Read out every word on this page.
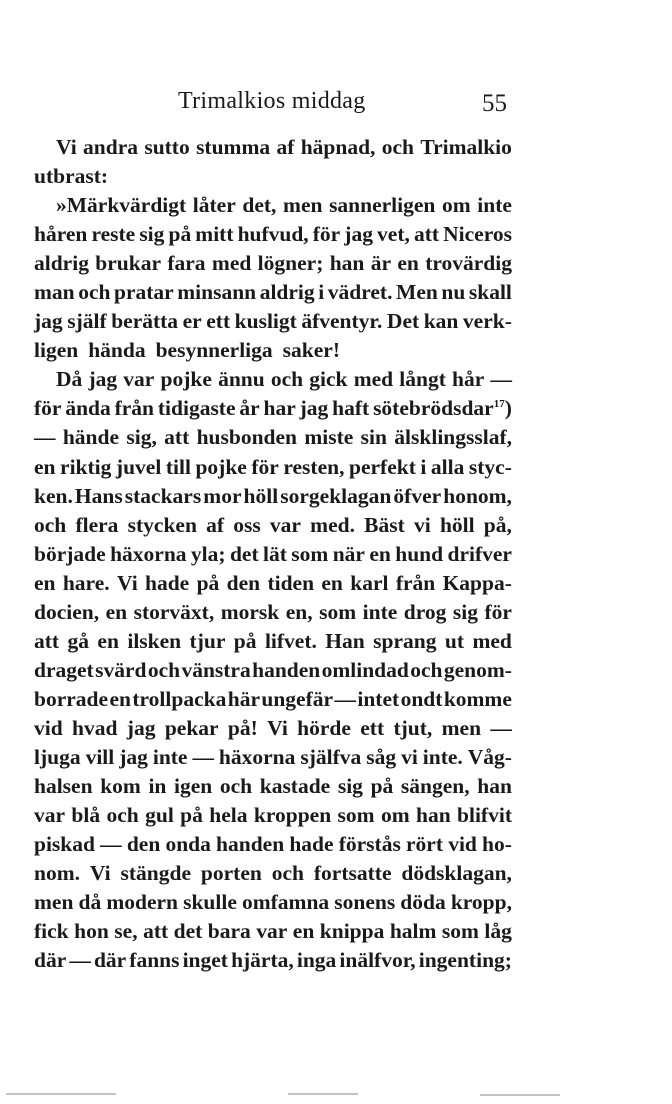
Trimalkios middag	55
Vi andra sutto stumma af häpnad, och Trimalkio
utbrast:
»Märkvärdigt låter det, men sannerligen om inte
håren reste sig på mitt hufvud, för jag vet, att Niceros
aldrig brukar fara med lögner; han är en trovärdig
man och pratar minsann aldrig i vädret. Men nu skall
jag själf berätta er ett kusligt äfventyr. Det kan verk-
ligen hända besynnerliga saker!
Då jag var pojke ännu och gick med långt hår —
för ända från tidigaste år har jag haft sötebrödsdar$^{17}$)
— hände sig, att husbonden miste sin älsklingsslaf,
en riktig juvel till pojke för resten, perfekt i alla styc-
ken. Hans stackars mor höll sorgeklagan öfver honom,
och flera stycken af oss var med. Bäst vi höll på,
började häxorna yla; det lät som när en hund drifver
en hare. Vi hade på den tiden en karl från Kappa-
docien, en storväxt, morsk en, som inte drog sig för
att gå en ilsken tjur på lifvet. Han sprang ut med
draget svärd och vänstra handen omlindad och genom-
borrade en trollpacka här ungefär — intet ondt komme
vid hvad jag pekar på! Vi hörde ett tjut, men —
ljuga vill jag inte — häxorna själfva såg vi inte. Våg-
halsen kom in igen och kastade sig på sängen, han
var blå och gul på hela kroppen som om han blifvit
piskad — den onda handen hade förstås rört vid ho-
nom. Vi stängde porten och fortsatte dödsklagan,
men då modern skulle omfamna sonens döda kropp,
fick hon se, att det bara var en knippa halm som låg
där — där fanns inget hjärta, inga inälfvor, ingenting;
